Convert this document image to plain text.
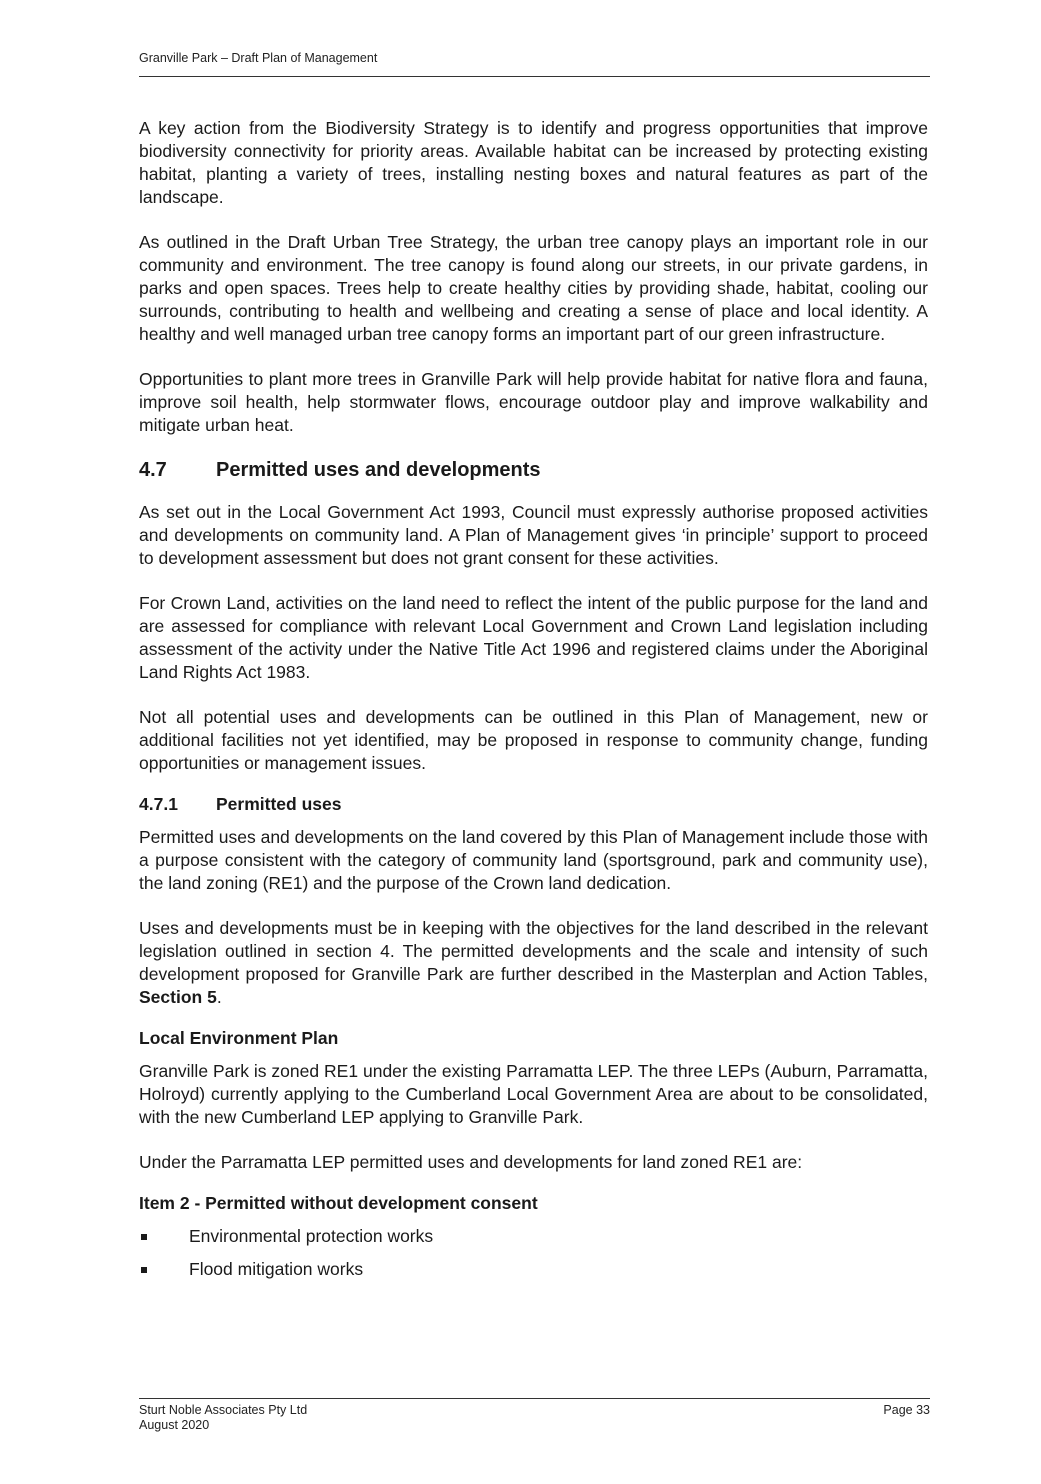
Granville Park – Draft Plan of Management

A key action from the Biodiversity Strategy is to identify and progress opportunities that improve biodiversity connectivity for priority areas. Available habitat can be increased by protecting existing habitat, planting a variety of trees, installing nesting boxes and natural features as part of the landscape.

As outlined in the Draft Urban Tree Strategy, the urban tree canopy plays an important role in our community and environment. The tree canopy is found along our streets, in our private gardens, in parks and open spaces. Trees help to create healthy cities by providing shade, habitat, cooling our surrounds, contributing to health and wellbeing and creating a sense of place and local identity. A healthy and well managed urban tree canopy forms an important part of our green infrastructure.

Opportunities to plant more trees in Granville Park will help provide habitat for native flora and fauna, improve soil health, help stormwater flows, encourage outdoor play and improve walkability and mitigate urban heat.

4.7 Permitted uses and developments

As set out in the Local Government Act 1993, Council must expressly authorise proposed activities and developments on community land. A Plan of Management gives ‘in principle’ support to proceed to development assessment but does not grant consent for these activities.

For Crown Land, activities on the land need to reflect the intent of the public purpose for the land and are assessed for compliance with relevant Local Government and Crown Land legislation including assessment of the activity under the Native Title Act 1996 and registered claims under the Aboriginal Land Rights Act 1983.

Not all potential uses and developments can be outlined in this Plan of Management, new or additional facilities not yet identified, may be proposed in response to community change, funding opportunities or management issues.

4.7.1 Permitted uses

Permitted uses and developments on the land covered by this Plan of Management include those with a purpose consistent with the category of community land (sportsground, park and community use), the land zoning (RE1) and the purpose of the Crown land dedication.

Uses and developments must be in keeping with the objectives for the land described in the relevant legislation outlined in section 4. The permitted developments and the scale and intensity of such development proposed for Granville Park are further described in the Masterplan and Action Tables, Section 5.

Local Environment Plan

Granville Park is zoned RE1 under the existing Parramatta LEP. The three LEPs (Auburn, Parramatta, Holroyd) currently applying to the Cumberland Local Government Area are about to be consolidated, with the new Cumberland LEP applying to Granville Park.

Under the Parramatta LEP permitted uses and developments for land zoned RE1 are:

Item 2 - Permitted without development consent
Environmental protection works
Flood mitigation works
Sturt Noble Associates Pty Ltd
August 2020
Page 33
